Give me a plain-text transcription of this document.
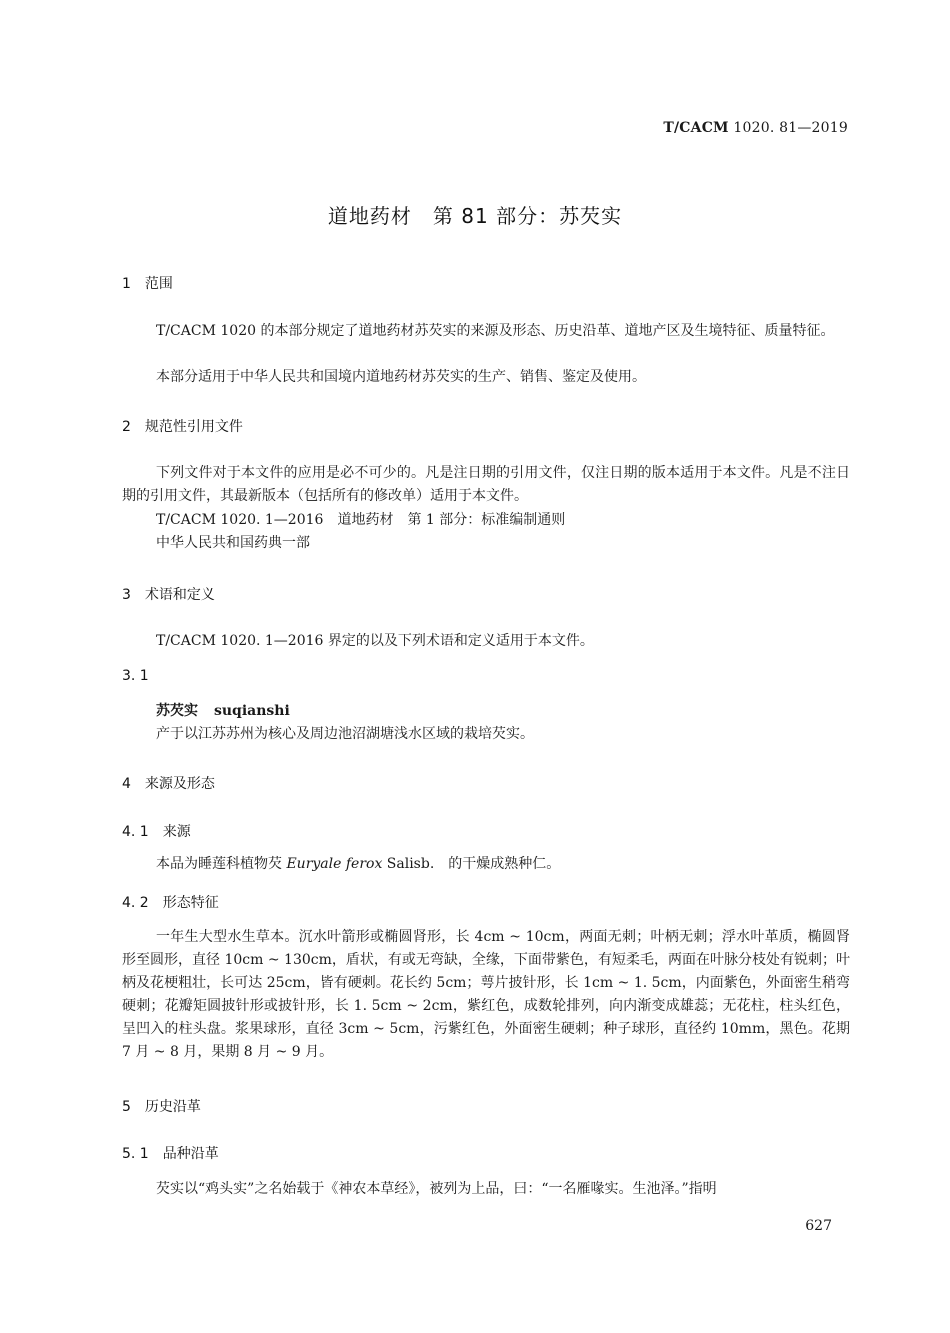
T/CACM 1020. 81—2019
道地药材　第 81 部分：苏芡实
1 范围
T/CACM 1020 的本部分规定了道地药材苏芡实的来源及形态、历史沿革、道地产区及生境特征、质量特征。
本部分适用于中华人民共和国境内道地药材苏芡实的生产、销售、鉴定及使用。
2 规范性引用文件
下列文件对于本文件的应用是必不可少的。凡是注日期的引用文件，仅注日期的版本适用于本文件。凡是不注日期的引用文件，其最新版本（包括所有的修改单）适用于本文件。
T/CACM 1020. 1—2016　道地药材　第 1 部分：标准编制通则
中华人民共和国药典一部
3 术语和定义
T/CACM 1020. 1—2016 界定的以及下列术语和定义适用于本文件。
3. 1
苏芡实 suqianshi
产于以江苏苏州为核心及周边池沼湖塘浅水区域的栽培芡实。
4 来源及形态
4. 1 来源
本品为睡莲科植物芡 Euryale ferox Salisb.　的干燥成熟种仁。
4. 2 形态特征
一年生大型水生草本。沉水叶箭形或椭圆肾形，长 4cm ~ 10cm，两面无刺；叶柄无刺；浮水叶革质，椭圆肾形至圆形，直径 10cm ~ 130cm，盾状，有或无弯缺，全缘，下面带紫色，有短柔毛，两面在叶脉分枝处有锐刺；叶柄及花梗粗壮，长可达 25cm，皆有硬刺。花长约 5cm；萼片披针形，长 1cm ~ 1. 5cm，内面紫色，外面密生稍弯硬刺；花瓣矩圆披针形或披针形，长 1. 5cm ~ 2cm，紫红色，成数轮排列，向内渐变成雄蕊；无花柱，柱头红色，呈凹入的柱头盘。浆果球形，直径 3cm ~ 5cm，污紫红色，外面密生硬刺；种子球形，直径约 10mm，黑色。花期 7 月 ~ 8 月，果期 8 月 ~ 9 月。
5 历史沿革
5. 1 品种沿革
芡实以“鸡头实”之名始载于《神农本草经》，被列为上品，曰：“一名雁喙实。生池泽。”指明
627
